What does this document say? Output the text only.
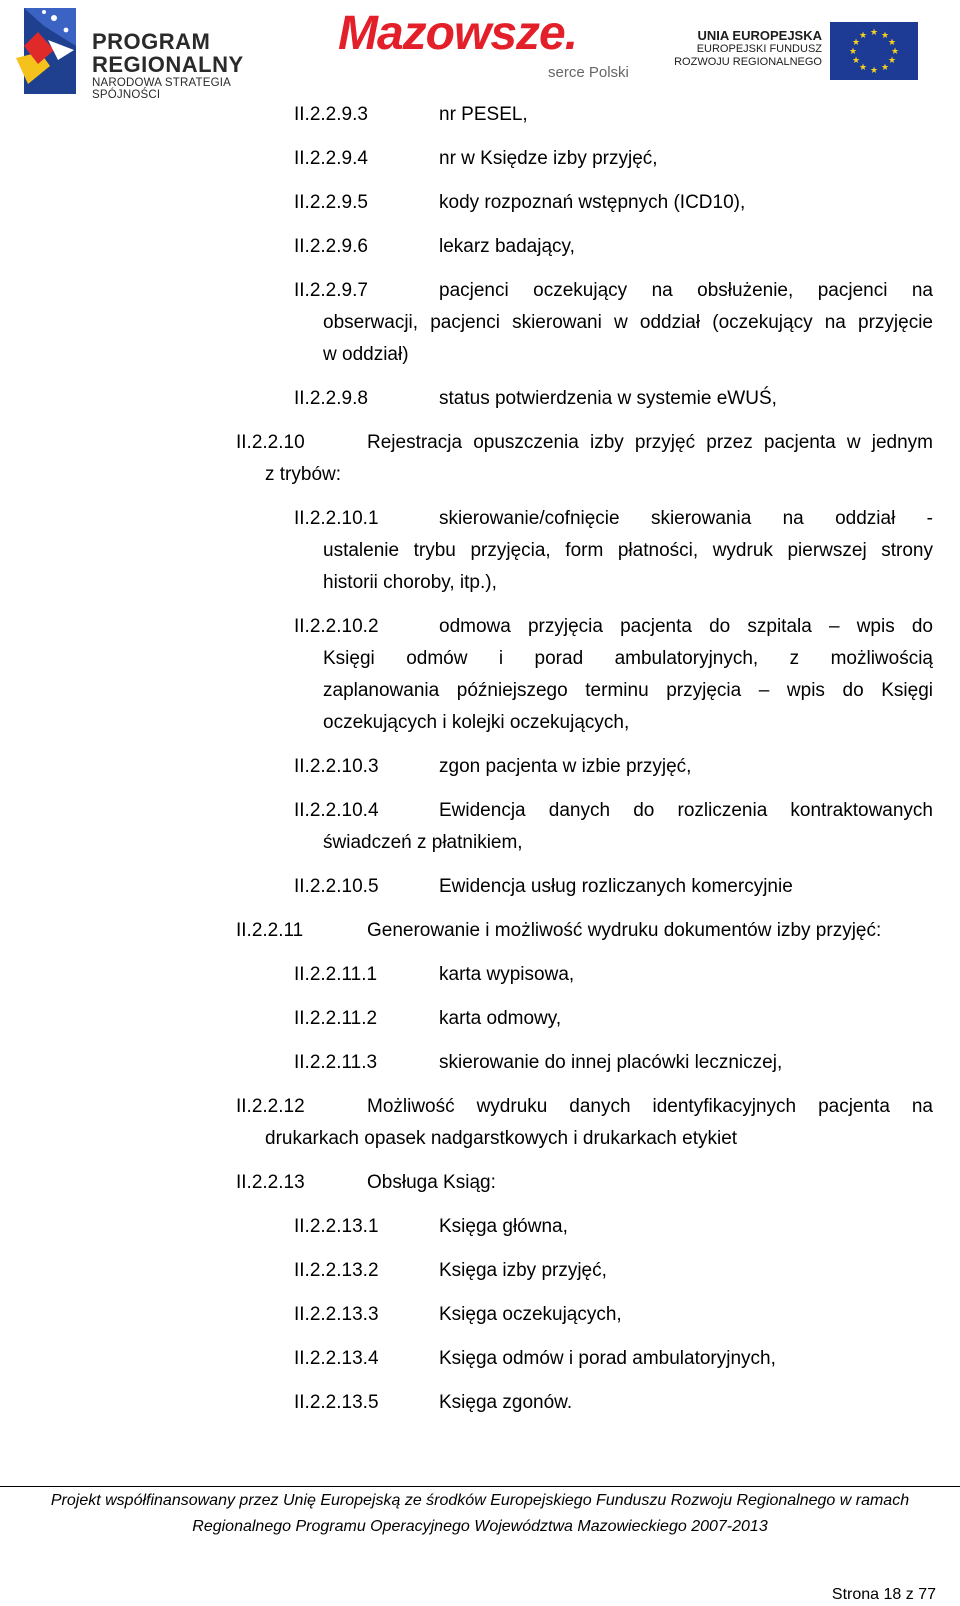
PROGRAM
REGIONALNY
NARODOWA STRATEGIA SPÓJNOŚCI
Mazowsze.
serce Polski
UNIA EUROPEJSKA
EUROPEJSKI FUNDUSZ
ROZWOJU REGIONALNEGO
★ ★
★
★
★
★
★
★
★
★
★
★
II.2.2.9.3	nr PESEL,
II.2.2.9.4	nr w Księdze izby przyjęć,
II.2.2.9.5	kody rozpoznań wstępnych (ICD10),
II.2.2.9.6	lekarz badający,
II.2.2.9.7	pacjenci oczekujący na obsłużenie, pacjenci na
obserwacji, pacjenci skierowani w oddział (oczekujący na przyjęcie
w oddział)
II.2.2.9.8	status potwierdzenia w systemie eWUŚ,
II.2.2.10	Rejestracja opuszczenia izby przyjęć przez pacjenta w jednym
z trybów:
II.2.2.10.1	skierowanie/cofnięcie skierowania na oddział -
ustalenie trybu przyjęcia, form płatności, wydruk pierwszej strony
historii choroby, itp.),
II.2.2.10.2	odmowa przyjęcia pacjenta do szpitala – wpis do
Księgi odmów i porad ambulatoryjnych, z możliwością
zaplanowania późniejszego terminu przyjęcia – wpis do Księgi
oczekujących i kolejki oczekujących,
II.2.2.10.3	zgon pacjenta w izbie przyjęć,
II.2.2.10.4	Ewidencja danych do rozliczenia kontraktowanych
świadczeń z płatnikiem,
II.2.2.10.5	Ewidencja usług rozliczanych komercyjnie
II.2.2.11	Generowanie i możliwość wydruku dokumentów izby przyjęć:
II.2.2.11.1	karta wypisowa,
II.2.2.11.2	karta odmowy,
II.2.2.11.3	skierowanie do innej placówki leczniczej,
II.2.2.12	Możliwość wydruku danych identyfikacyjnych pacjenta na
drukarkach opasek nadgarstkowych i drukarkach etykiet
II.2.2.13	Obsługa Ksiąg:
II.2.2.13.1	Księga główna,
II.2.2.13.2	Księga izby przyjęć,
II.2.2.13.3	Księga oczekujących,
II.2.2.13.4	Księga odmów i porad ambulatoryjnych,
II.2.2.13.5	Księga zgonów.
Projekt współfinansowany przez Unię Europejską ze środków Europejskiego Funduszu Rozwoju Regionalnego w ramach
Regionalnego Programu Operacyjnego Województwa Mazowieckiego 2007-2013
Strona 18 z 77
